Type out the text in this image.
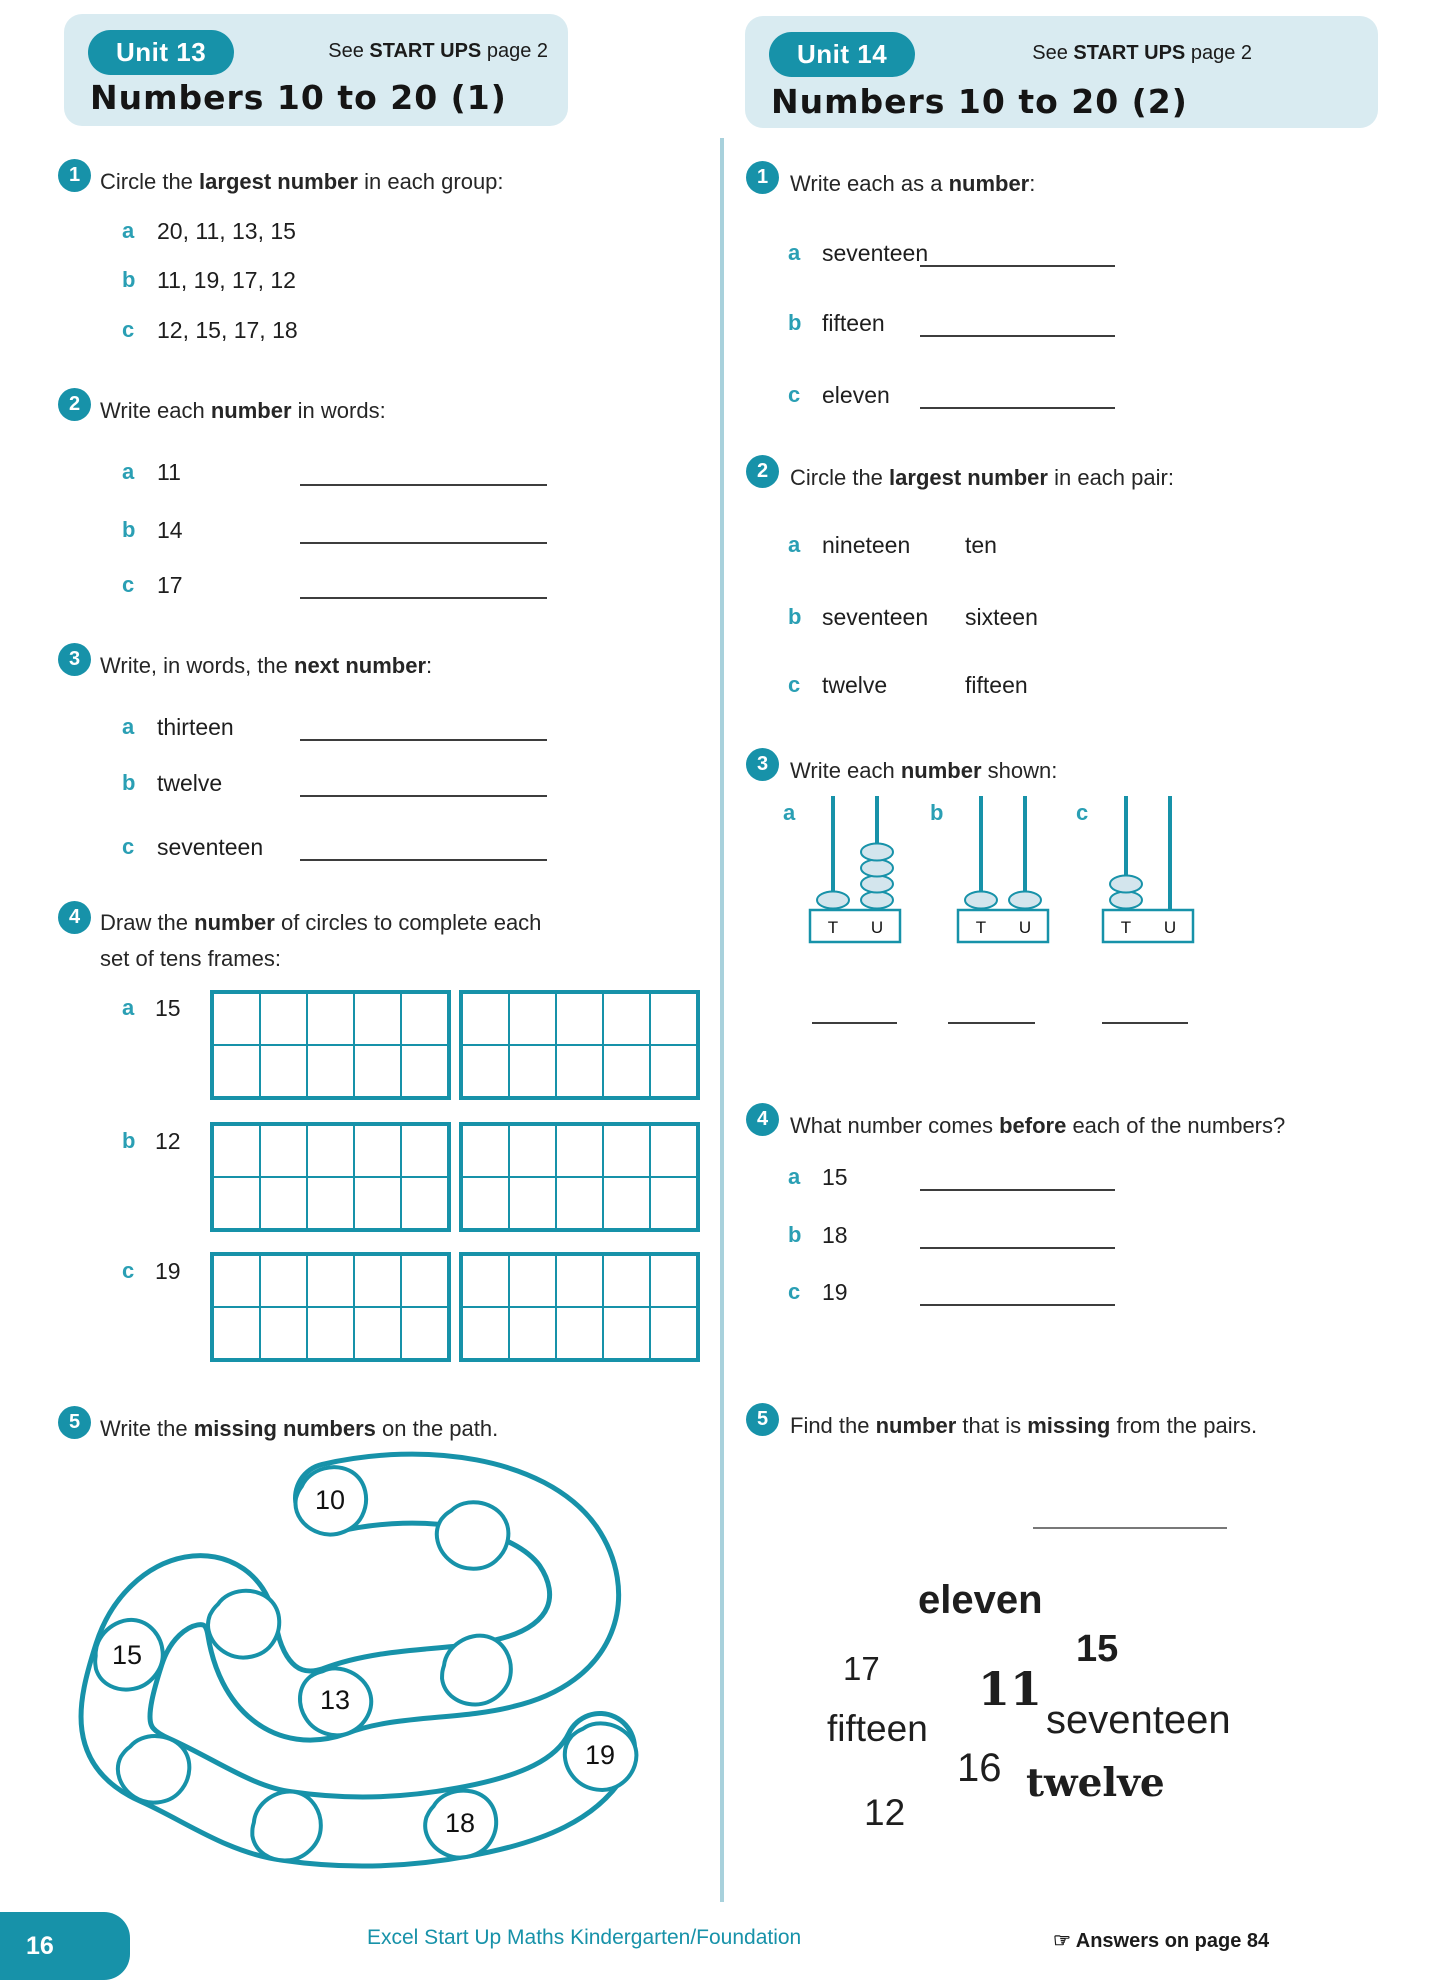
Unit 13	See START UPS page 2
Numbers 10 to 20 (1)
1 Circle the largest number in each group:
a 20, 11, 13, 15
b 11, 19, 17, 12
c 12, 15, 17, 18
2 Write each number in words:
a 11
b 14
c 17
3 Write, in words, the next number:
a thirteen
b twelve
c seventeen
4 Draw the number of circles to complete each set of tens frames:
a 15
b 12
c 19
5 Write the missing numbers on the path.
10
13
15
18
19
Unit 14	See START UPS page 2
Numbers 10 to 20 (2)
1 Write each as a number:
a seventeen
b fifteen
c eleven
2 Circle the largest number in each pair:
a nineteen ten
b seventeen sixteen
c twelve	fifteen
3 Write each number shown:
a
T U
b
T U
c
T U
4 What number comes before each of the numbers?
a 15
b 18
c 19
5 Find the number that is missing from the pairs.
eleven
15
17 11
fifteen	seventeen
16 twelve
12
16	Excel Start Up Maths Kindergarten/Foundation	☞ Answers on page 84
